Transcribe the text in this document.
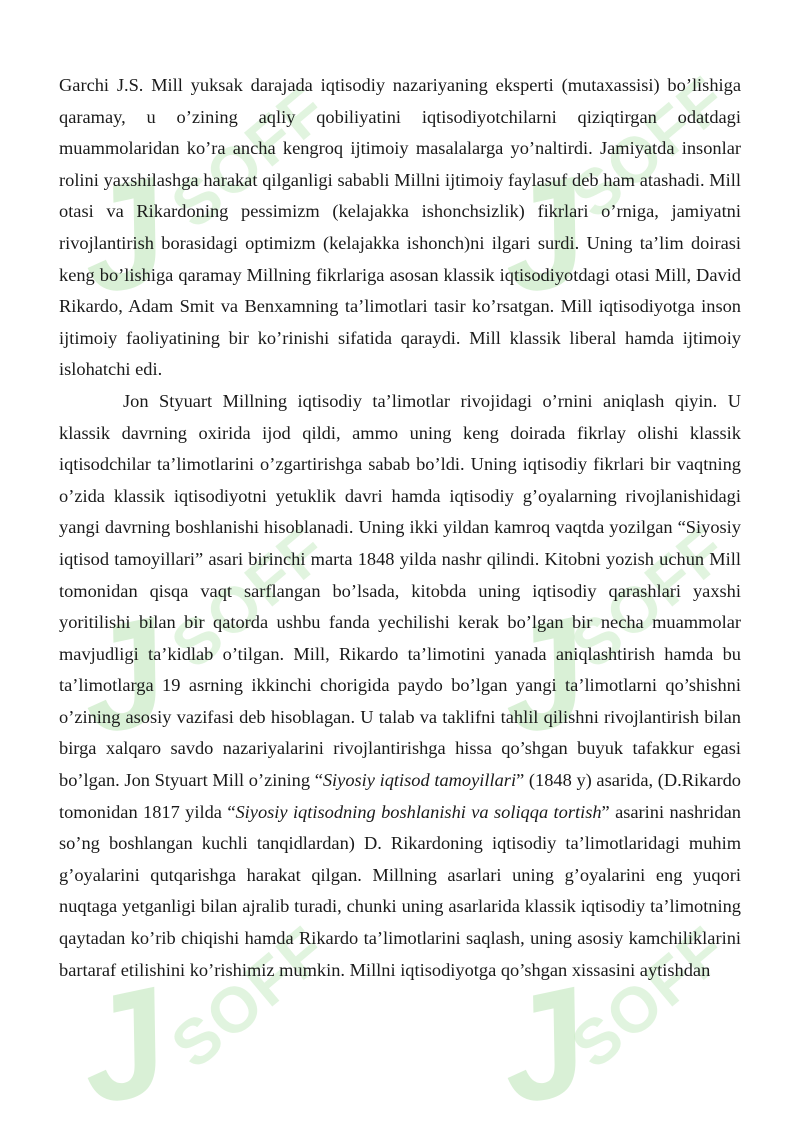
SOFF	SOFF
SOFF	SOFF
SOFF	SOFF
J J
J J
J J

Garchi J.S. Mill yuksak darajada iqtisodiy nazariyaning eksperti (mutaxassisi) bo’lishiga qaramay, u o’zining aqliy qobiliyatini iqtisodiyotchilarni qiziqtirgan odatdagi muammolaridan ko’ra ancha kengroq ijtimoiy masalalarga yo’naltirdi. Jamiyatda insonlar rolini yaxshilashga harakat qilganligi sababli Millni ijtimoiy faylasuf deb ham atashadi. Mill otasi va Rikardoning pessimizm (kelajakka ishonchsizlik) fikrlari o’rniga, jamiyatni rivojlantirish borasidagi optimizm (kelajakka ishonch)ni ilgari surdi. Uning ta’lim doirasi keng bo’lishiga qaramay Millning fikrlariga asosan klassik iqtisodiyotdagi otasi Mill, David Rikardo, Adam Smit va Benxamning ta’limotlari tasir ko’rsatgan. Mill iqtisodiyotga inson ijtimoiy faoliyatining bir ko’rinishi sifatida qaraydi. Mill klassik liberal hamda ijtimoiy islohatchi edi.

Jon Styuart Millning iqtisodiy ta’limotlar rivojidagi o’rnini aniqlash qiyin. U klassik davrning oxirida ijod qildi, ammo uning keng doirada fikrlay olishi klassik iqtisodchilar ta’limotlarini o’zgartirishga sabab bo’ldi. Uning iqtisodiy fikrlari bir vaqtning o’zida klassik iqtisodiyotni yetuklik davri hamda iqtisodiy g’oyalarning rivojlanishidagi yangi davrning boshlanishi hisoblanadi. Uning ikki yildan kamroq vaqtda yozilgan “Siyosiy iqtisod tamoyillari” asari birinchi marta 1848 yilda nashr qilindi. Kitobni yozish uchun Mill tomonidan qisqa vaqt sarflangan bo’lsada, kitobda uning iqtisodiy qarashlari yaxshi yoritilishi bilan bir qatorda ushbu fanda yechilishi kerak bo’lgan bir necha muammolar mavjudligi ta’kidlab o’tilgan. Mill, Rikardo ta’limotini yanada aniqlashtirish hamda bu ta’limotlarga 19 asrning ikkinchi chorigida paydo bo’lgan yangi ta’limotlarni qo’shishni o’zining asosiy vazifasi deb hisoblagan. U talab va taklifni tahlil qilishni rivojlantirish bilan birga xalqaro savdo nazariyalarini rivojlantirishga hissa qo’shgan buyuk tafakkur egasi bo’lgan. Jon Styuart Mill o’zining “Siyosiy iqtisod tamoyillari” (1848 y) asarida, (D.Rikardo tomonidan 1817 yilda “Siyosiy iqtisodning boshlanishi va soliqqa tortish” asarini nashridan so’ng boshlangan kuchli tanqidlardan) D. Rikardoning iqtisodiy ta’limotlaridagi muhim g’oyalarini qutqarishga harakat qilgan. Millning asarlari uning g’oyalarini eng yuqori nuqtaga yetganligi bilan ajralib turadi, chunki uning asarlarida klassik iqtisodiy ta’limotning qaytadan ko’rib chiqishi hamda Rikardo ta’limotlarini saqlash, uning asosiy kamchiliklarini bartaraf etilishini ko’rishimiz mumkin. Millni iqtisodiyotga qo’shgan xissasini aytishdan
